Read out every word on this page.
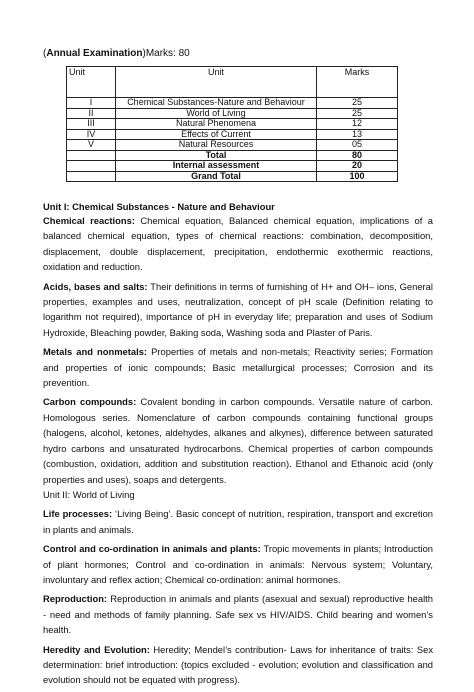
(Annual Examination)Marks: 80
Unit	Unit	Marks
I	Chemical Substances-Nature and Behaviour	25
II	World of Living	25
III	Natural Phenomena	12
IV	Effects of Current	13
V	Natural Resources	05
	Total	80
	Internal assessment	20
	Grand Total	100
Unit I: Chemical Substances - Nature and Behaviour

Chemical reactions: Chemical equation, Balanced chemical equation, implications of a balanced chemical equation, types of chemical reactions: combination, decomposition, displacement, double displacement, precipitation, endothermic exothermic reactions, oxidation and reduction.

Acids, bases and salts: Their definitions in terms of furnishing of H+ and OH– ions, General properties, examples and uses, neutralization, concept of pH scale (Definition relating to logarithm not required), importance of pH in everyday life; preparation and uses of Sodium Hydroxide, Bleaching powder, Baking soda, Washing soda and Plaster of Paris.

Metals and nonmetals: Properties of metals and non-metals; Reactivity series; Formation and properties of ionic compounds; Basic metallurgical processes; Corrosion and its prevention.

Carbon compounds: Covalent bonding in carbon compounds. Versatile nature of carbon. Homologous series. Nomenclature of carbon compounds containing functional groups (halogens, alcohol, ketones, aldehydes, alkanes and alkynes), difference between saturated hydro carbons and unsaturated hydrocarbons. Chemical properties of carbon compounds (combustion, oxidation, addition and substitution reaction). Ethanol and Ethanoic acid (only properties and uses), soaps and detergents.

Unit II: World of Living

Life processes: ‘Living Being’. Basic concept of nutrition, respiration, transport and excretion in plants and animals.

Control and co-ordination in animals and plants: Tropic movements in plants; Introduction of plant hormones; Control and co-ordination in animals: Nervous system; Voluntary, involuntary and reflex action; Chemical co-ordination: animal hormones.

Reproduction: Reproduction in animals and plants (asexual and sexual) reproductive health - need and methods of family planning. Safe sex vs HIV/AIDS. Child bearing and women’s health.

Heredity and Evolution: Heredity; Mendel’s contribution- Laws for inheritance of traits: Sex determination: brief introduction: (topics excluded - evolution; evolution and classification and evolution should not be equated with progress).
